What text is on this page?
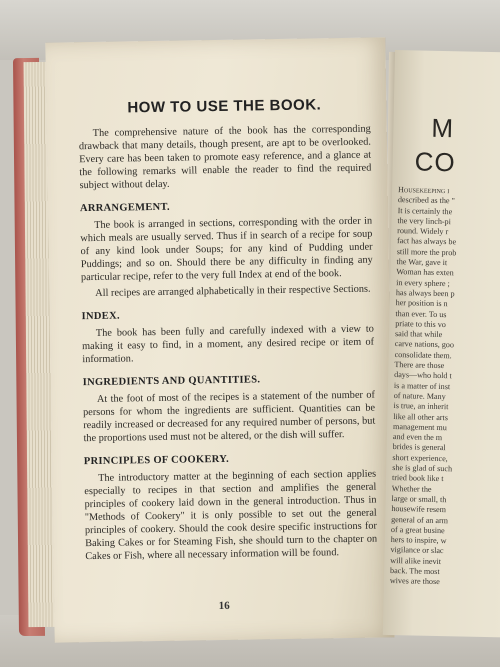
HOW TO USE THE BOOK.

The comprehensive nature of the book has the corresponding drawback that many details, though present, are apt to be overlooked. Every care has been taken to promote easy reference, and a glance at the following remarks will enable the reader to find the required subject without delay.

ARRANGEMENT.

The book is arranged in sections, corresponding with the order in which meals are usually served. Thus if in search of a recipe for soup of any kind look under Soups; for any kind of Pudding under Puddings; and so on. Should there be any difficulty in finding any particular recipe, refer to the very full Index at end of the book.

All recipes are arranged alphabetically in their respective Sections.

INDEX.

The book has been fully and carefully indexed with a view to making it easy to find, in a moment, any desired recipe or item of information.

INGREDIENTS AND QUANTITIES.

At the foot of most of the recipes is a statement of the number of persons for whom the ingredients are sufficient. Quantities can be readily increased or decreased for any required number of persons, but the proportions used must not be altered, or the dish will suffer.

PRINCIPLES OF COOKERY.

The introductory matter at the beginning of each section applies especially to recipes in that section and amplifies the general principles of cookery laid down in the general introduction. Thus in "Methods of Cookery" it is only possible to set out the general principles of cookery. Should the cook desire specific instructions for Baking Cakes or for Steaming Fish, she should turn to the chapter on Cakes or Fish, where all necessary information will be found.

16
M
CO

Housekeeping i

described as the "

It is certainly the

the very linch-pi

round. Widely r

fact has always be

still more the prob

the War, gave it

Woman has exten

in every sphere ;

has always been p

her position is n

than ever. To us

priate to this vo

said that while

carve nations, goo

consolidate them.

There are those

days—who hold t

is a matter of inst

of nature. Many

is true, an inherit

like all other arts

management mu

and even the m

brides is general

short experience,

she is glad of such

tried book like t

Whether the

large or small, th

housewife resem

general of an arm

of a great busine

hers to inspire, w

vigilance or slac

will alike inevit

back. The most

wives are those
